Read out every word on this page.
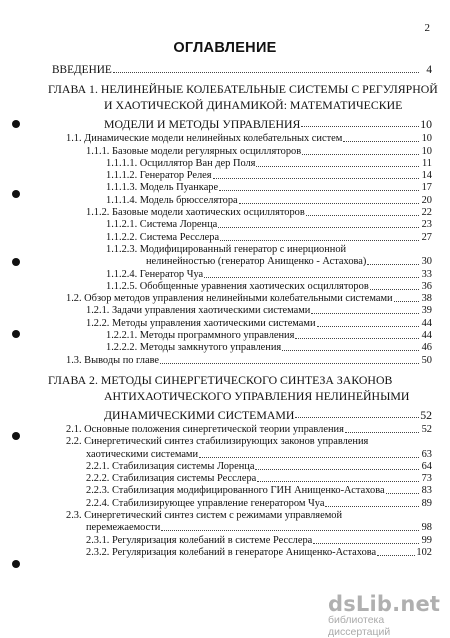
2
ОГЛАВЛЕНИЕ
ВВЕДЕНИЕ	4
ГЛАВА 1. НЕЛИНЕЙНЫЕ КОЛЕБАТЕЛЬНЫЕ СИСТЕМЫ С РЕГУЛЯРНОЙ
И ХАОТИЧЕСКОЙ ДИНАМИКОЙ: МАТЕМАТИЧЕСКИЕ
МОДЕЛИ И МЕТОДЫ УПРАВЛЕНИЯ	10
1.1. Динамические модели нелинейных колебательных систем	10
1.1.1. Базовые модели регулярных осцилляторов	10
1.1.1.1. Осциллятор Ван дер Поля	11
1.1.1.2. Генератор Релея	14
1.1.1.3. Модель Пуанкаре	17
1.1.1.4. Модель брюсселятора	20
1.1.2. Базовые модели хаотических осцилляторов	22
1.1.2.1. Система Лоренца	23
1.1.2.2. Система Ресслера	27
1.1.2.3. Модифицированный генератор с инерционной
нелинейностью (генератор Анищенко - Астахова)	30
1.1.2.4. Генератор Чуа	33
1.1.2.5. Обобщенные уравнения хаотических осцилляторов	36
1.2. Обзор методов управления нелинейными колебательными системами	38
1.2.1. Задачи управления хаотическими системами	39
1.2.2. Методы управления хаотическими системами	44
1.2.2.1. Методы программного управления	44
1.2.2.2. Методы замкнутого управления	46
1.3. Выводы по главе	50
ГЛАВА 2. МЕТОДЫ СИНЕРГЕТИЧЕСКОГО СИНТЕЗА ЗАКОНОВ
АНТИХАОТИЧЕСКОГО УПРАВЛЕНИЯ НЕЛИНЕЙНЫМИ
ДИНАМИЧЕСКИМИ СИСТЕМАМИ	52
2.1. Основные положения синергетической теории управления	52
2.2. Синергетический синтез стабилизирующих законов управления
хаотическими системами	63
2.2.1. Стабилизация системы Лоренца	64
2.2.2. Стабилизация системы Ресслера	73
2.2.3. Стабилизация модифицированного ГИН Анищенко-Астахова	83
2.2.4. Стабилизирующее управление генератором Чуа	89
2.3. Синергетический синтез систем с режимами управляемой
перемежаемости	98
2.3.1. Регуляризация колебаний в системе Ресслера	99
2.3.2. Регуляризация колебаний в генераторе Анищенко-Астахова	102
dsLib.net
библиотека диссертаций
